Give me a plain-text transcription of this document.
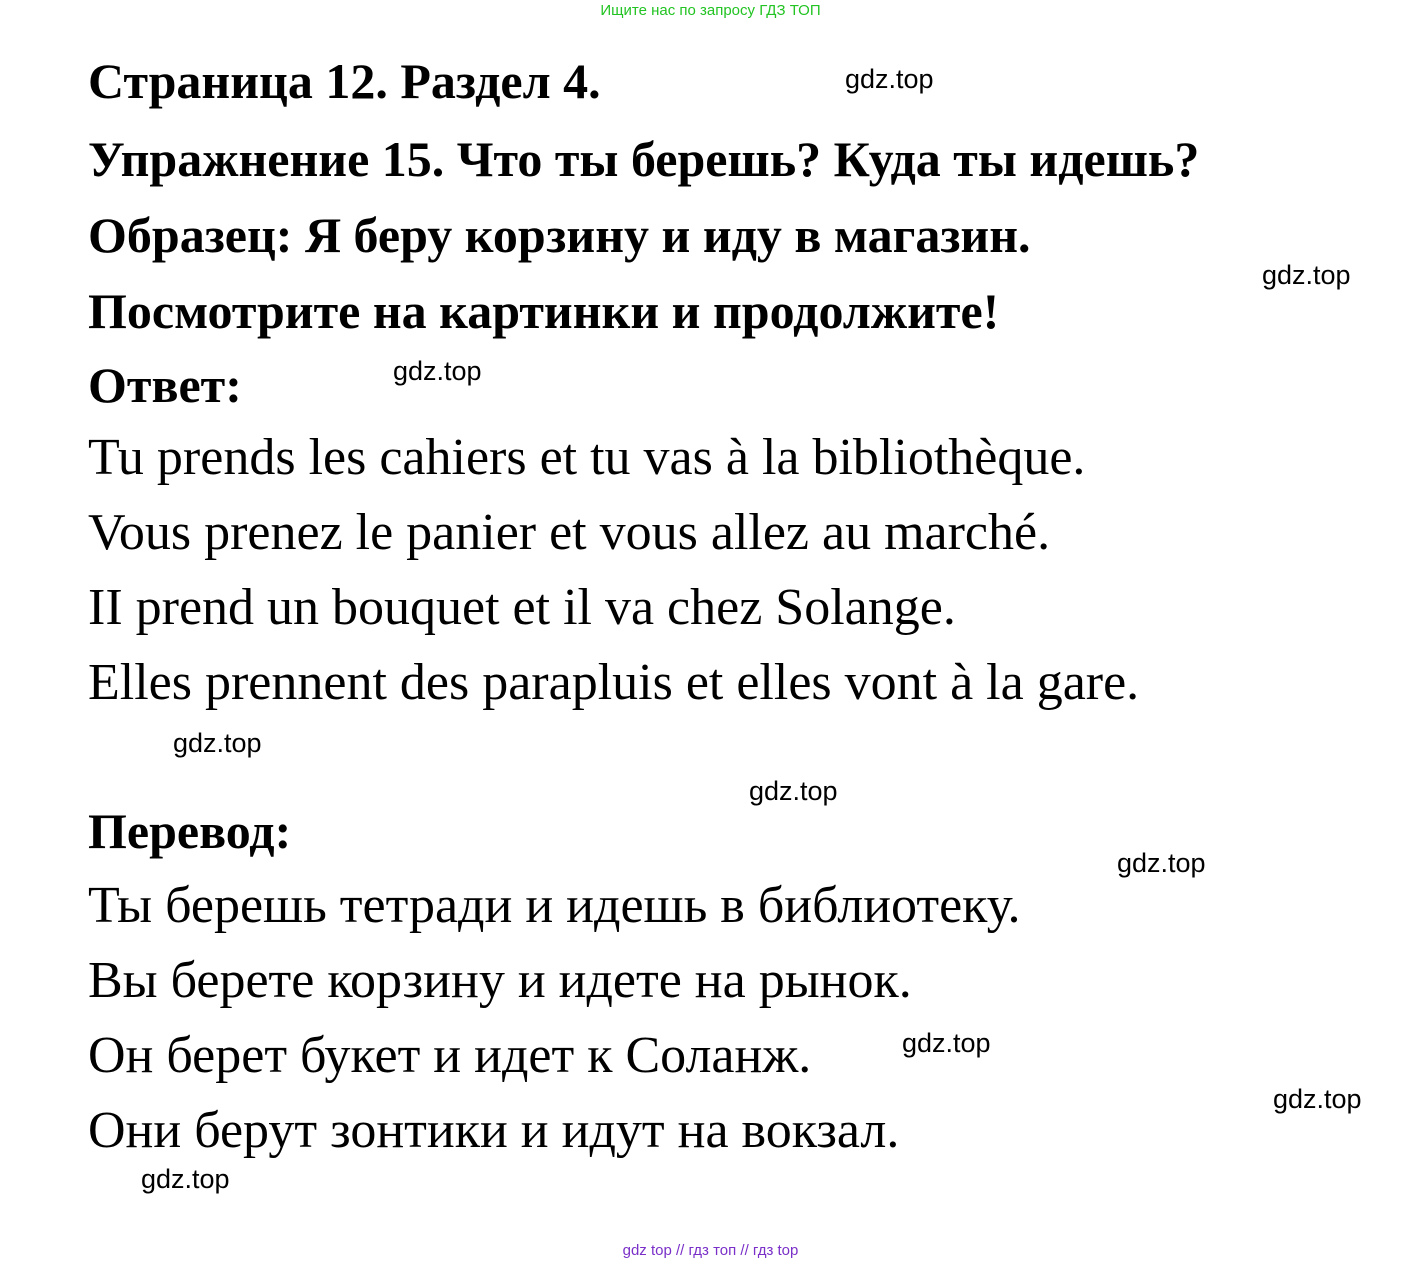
Ищите нас по запросу ГДЗ ТОП
Страница 12. Раздел 4.
Упражнение 15. Что ты берешь? Куда ты идешь?
Образец: Я беру корзину и иду в магазин.
Посмотрите на картинки и продолжите!
Ответ:
Tu prends les cahiers et tu vas à la bibliothèque.
Vous prenez le panier et vous allez au marché.
II prend un bouquet et il va chez Solange.
Elles prennent des parapluis et elles vont à la gare.
Перевод:
Ты берешь тетради и идешь в библиотеку.
Вы берете корзину и идете на рынок.
Он берет букет и идет к Соланж.
Они берут зонтики и идут на вокзал.
gdz.top
gdz.top
gdz.top
gdz.top
gdz.top
gdz.top
gdz.top
gdz.top
gdz.top
gdz top // гдз топ // гдз top
